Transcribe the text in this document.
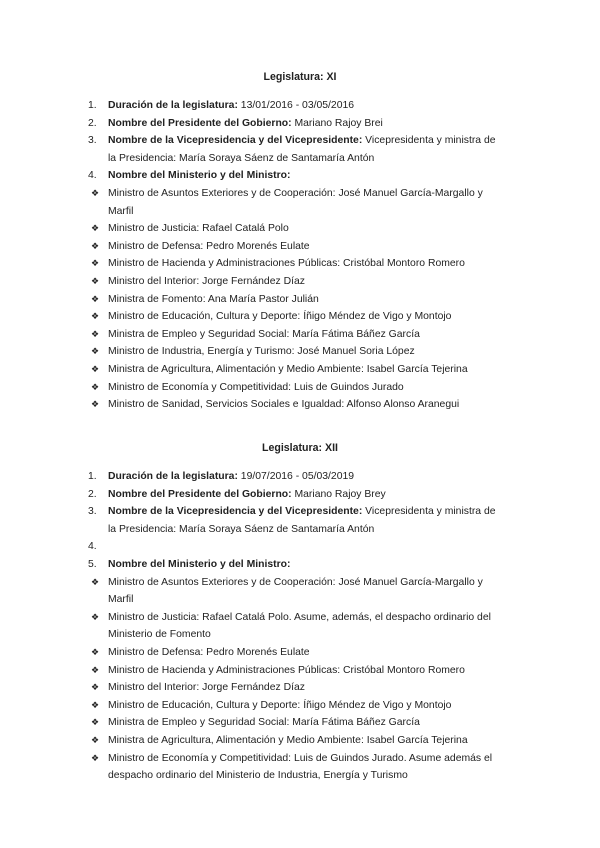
Legislatura: XI
1.	Duración de la legislatura: 13/01/2016 - 03/05/2016
2.	Nombre del Presidente del Gobierno: Mariano Rajoy Brei
3.	Nombre de la Vicepresidencia y del Vicepresidente: Vicepresidenta y ministra de la Presidencia: María Soraya Sáenz de Santamaría Antón
4.	Nombre del Ministerio y del Ministro:
❖ Ministro de Asuntos Exteriores y de Cooperación: José Manuel García-Margallo y Marfil
❖ Ministro de Justicia: Rafael Catalá Polo
❖ Ministro de Defensa: Pedro Morenés Eulate
❖ Ministro de Hacienda y Administraciones Públicas: Cristóbal Montoro Romero
❖ Ministro del Interior: Jorge Fernández Díaz
❖ Ministra de Fomento: Ana María Pastor Julián
❖ Ministro de Educación, Cultura y Deporte: Íñigo Méndez de Vigo y Montojo
❖ Ministra de Empleo y Seguridad Social: María Fátima Báñez García
❖ Ministro de Industria, Energía y Turismo: José Manuel Soria López
❖ Ministra de Agricultura, Alimentación y Medio Ambiente: Isabel García Tejerina
❖ Ministro de Economía y Competitividad: Luis de Guindos Jurado
❖ Ministro de Sanidad, Servicios Sociales e Igualdad: Alfonso Alonso Aranegui
Legislatura: XII
1.	Duración de la legislatura: 19/07/2016 - 05/03/2019
2.	Nombre del Presidente del Gobierno: Mariano Rajoy Brey
3.	Nombre de la Vicepresidencia y del Vicepresidente: Vicepresidenta y ministra de la Presidencia: María Soraya Sáenz de Santamaría Antón
4.
5.	Nombre del Ministerio y del Ministro:
❖ Ministro de Asuntos Exteriores y de Cooperación: José Manuel García-Margallo y Marfil
❖ Ministro de Justicia: Rafael Catalá Polo. Asume, además, el despacho ordinario del Ministerio de Fomento
❖ Ministro de Defensa: Pedro Morenés Eulate
❖ Ministro de Hacienda y Administraciones Públicas: Cristóbal Montoro Romero
❖ Ministro del Interior: Jorge Fernández Díaz
❖ Ministro de Educación, Cultura y Deporte: Íñigo Méndez de Vigo y Montojo
❖ Ministra de Empleo y Seguridad Social: María Fátima Báñez García
❖ Ministra de Agricultura, Alimentación y Medio Ambiente: Isabel García Tejerina
❖ Ministro de Economía y Competitividad: Luis de Guindos Jurado. Asume además el despacho ordinario del Ministerio de Industria, Energía y Turismo
